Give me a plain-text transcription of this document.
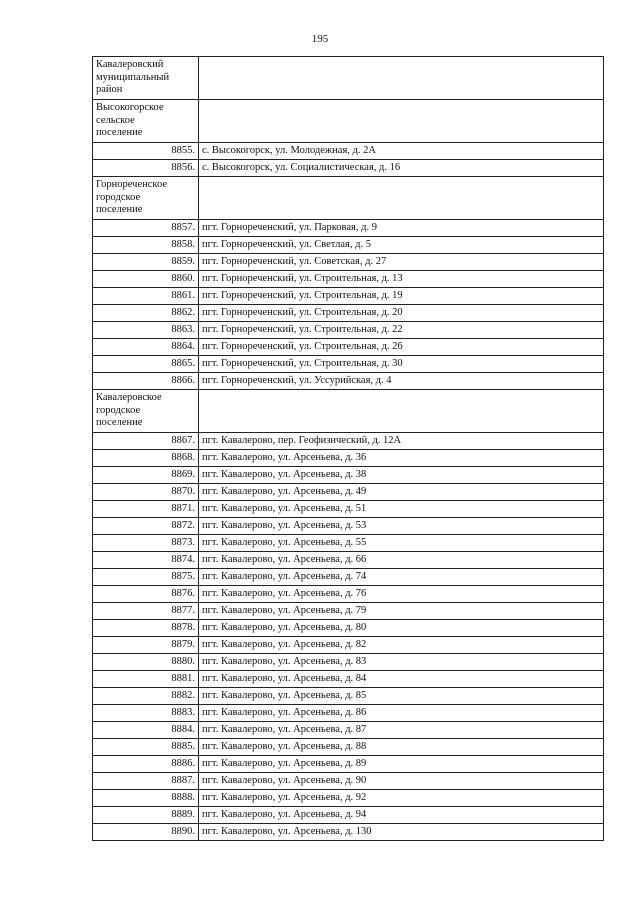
195
Кавалеровский
муниципальный
район	
Высокогорское
сельское
поселение	
8855.	с. Высокогорск, ул. Молодежная, д. 2А
8856.	с. Высокогорск, ул. Социалистическая, д. 16
Горнореченское
городское
поселение	
8857.	пгт. Горнореченский, ул. Парковая, д. 9
8858.	пгт. Горнореченский, ул. Светлая, д. 5
8859.	пгт. Горнореченский, ул. Советская, д. 27
8860.	пгт. Горнореченский, ул. Строительная, д. 13
8861.	пгт. Горнореченский, ул. Строительная, д. 19
8862.	пгт. Горнореченский, ул. Строительная, д. 20
8863.	пгт. Горнореченский, ул. Строительная, д. 22
8864.	пгт. Горнореченский, ул. Строительная, д. 26
8865.	пгт. Горнореченский, ул. Строительная, д. 30
8866.	пгт. Горнореченский, ул. Уссурийская, д. 4
Кавалеровское
городское
поселение	
8867.	пгт. Кавалерово, пер. Геофизический, д. 12А
8868.	пгт. Кавалерово, ул. Арсеньева, д. 36
8869.	пгт. Кавалерово, ул. Арсеньева, д. 38
8870.	пгт. Кавалерово, ул. Арсеньева, д. 49
8871.	пгт. Кавалерово, ул. Арсеньева, д. 51
8872.	пгт. Кавалерово, ул. Арсеньева, д. 53
8873.	пгт. Кавалерово, ул. Арсеньева, д. 55
8874.	пгт. Кавалерово, ул. Арсеньева, д. 66
8875.	пгт. Кавалерово, ул. Арсеньева, д. 74
8876.	пгт. Кавалерово, ул. Арсеньева, д. 76
8877.	пгт. Кавалерово, ул. Арсеньева, д. 79
8878.	пгт. Кавалерово, ул. Арсеньева, д. 80
8879.	пгт. Кавалерово, ул. Арсеньева, д. 82
8880.	пгт. Кавалерово, ул. Арсеньева, д. 83
8881.	пгт. Кавалерово, ул. Арсеньева, д. 84
8882.	пгт. Кавалерово, ул. Арсеньева, д. 85
8883.	пгт. Кавалерово, ул. Арсеньева, д. 86
8884.	пгт. Кавалерово, ул. Арсеньева, д. 87
8885.	пгт. Кавалерово, ул. Арсеньева, д. 88
8886.	пгт. Кавалерово, ул. Арсеньева, д. 89
8887.	пгт. Кавалерово, ул. Арсеньева, д. 90
8888.	пгт. Кавалерово, ул. Арсеньева, д. 92
8889.	пгт. Кавалерово, ул. Арсеньева, д. 94
8890.	пгт. Кавалерово, ул. Арсеньева, д. 130
